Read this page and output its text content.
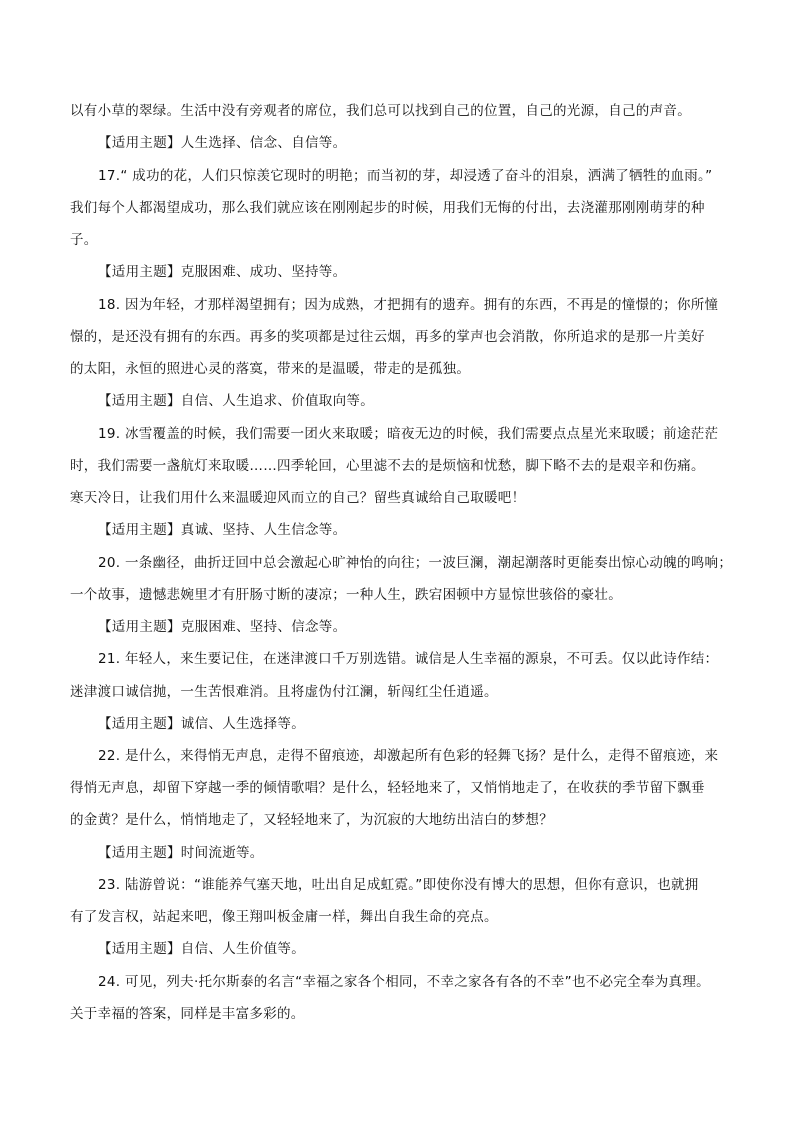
以有小草的翠绿。生活中没有旁观者的席位，我们总可以找到自己的位置，自己的光源，自己的声音。
【适用主题】人生选择、信念、自信等。
17.“ 成功的花，人们只惊羡它现时的明艳；而当初的芽，却浸透了奋斗的泪泉，洒满了牺牲的血雨。”
我们每个人都渴望成功，那么我们就应该在刚刚起步的时候，用我们无悔的付出，去浇灌那刚刚萌芽的种
子。
【适用主题】克服困难、成功、坚持等。
18. 因为年轻，才那样渴望拥有；因为成熟，才把拥有的遗弃。拥有的东西，不再是的憧憬的；你所憧
憬的，是还没有拥有的东西。再多的奖项都是过往云烟，再多的掌声也会消散，你所追求的是那一片美好
的太阳，永恒的照进心灵的落寞，带来的是温暖，带走的是孤独。
【适用主题】自信、人生追求、价值取向等。
19. 冰雪覆盖的时候，我们需要一团火来取暖；暗夜无边的时候，我们需要点点星光来取暖；前途茫茫
时，我们需要一盏航灯来取暖……四季轮回，心里滤不去的是烦恼和忧愁，脚下略不去的是艰辛和伤痛。
寒天冷日，让我们用什么来温暖迎风而立的自己？留些真诚给自己取暖吧！
【适用主题】真诚、坚持、人生信念等。
20. 一条幽径，曲折迂回中总会激起心旷神怡的向往；一波巨澜，潮起潮落时更能奏出惊心动魄的鸣响；
一个故事，遗憾悲婉里才有肝肠寸断的凄凉；一种人生，跌宕困顿中方显惊世骇俗的豪壮。
【适用主题】克服困难、坚持、信念等。
21. 年轻人，来生要记住，在迷津渡口千万别选错。诚信是人生幸福的源泉，不可丢。仅以此诗作结：
迷津渡口诚信抛，一生苦恨难消。且将虚伪付江澜，斩闯红尘任逍遥。
【适用主题】诚信、人生选择等。
22. 是什么，来得悄无声息，走得不留痕迹，却激起所有色彩的轻舞飞扬？是什么，走得不留痕迹，来
得悄无声息，却留下穿越一季的倾情歌唱？是什么，轻轻地来了，又悄悄地走了，在收获的季节留下飘垂
的金黄？是什么，悄悄地走了，又轻轻地来了，为沉寂的大地纺出洁白的梦想？
【适用主题】时间流逝等。
23. 陆游曾说：“谁能养气塞天地，吐出自足成虹霓。”即使你没有博大的思想，但你有意识，也就拥
有了发言权，站起来吧，像王翔叫板金庸一样，舞出自我生命的亮点。
【适用主题】自信、人生价值等。
24. 可见，列夫·托尔斯泰的名言“幸福之家各个相同，不幸之家各有各的不幸”也不必完全奉为真理。
关于幸福的答案，同样是丰富多彩的。
